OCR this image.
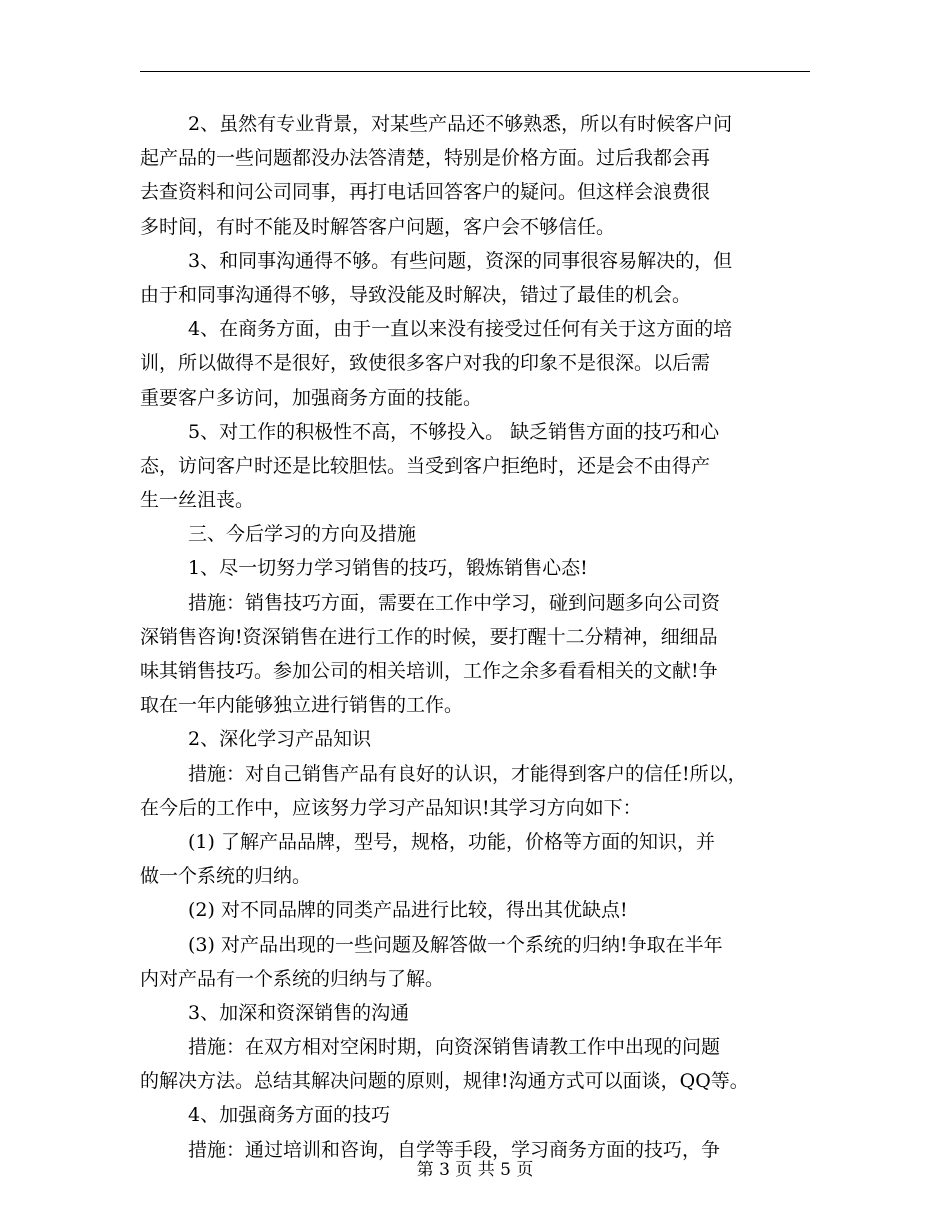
2、虽然有专业背景，对某些产品还不够熟悉，所以有时候客户问
起产品的一些问题都没办法答清楚，特别是价格方面。过后我都会再
去查资料和问公司同事，再打电话回答客户的疑问。但这样会浪费很
多时间，有时不能及时解答客户问题，客户会不够信任。
3、和同事沟通得不够。有些问题，资深的同事很容易解决的，但
由于和同事沟通得不够，导致没能及时解决，错过了最佳的机会。
4、在商务方面，由于一直以来没有接受过任何有关于这方面的培
训，所以做得不是很好，致使很多客户对我的印象不是很深。以后需
重要客户多访问，加强商务方面的技能。
5、对工作的积极性不高，不够投入。 缺乏销售方面的技巧和心
态，访问客户时还是比较胆怯。当受到客户拒绝时，还是会不由得产
生一丝沮丧。
三、今后学习的方向及措施
1、尽一切努力学习销售的技巧，锻炼销售心态!
措施：销售技巧方面，需要在工作中学习，碰到问题多向公司资
深销售咨询!资深销售在进行工作的时候，要打醒十二分精神，细细品
味其销售技巧。参加公司的相关培训，工作之余多看看相关的文献!争
取在一年内能够独立进行销售的工作。
2、深化学习产品知识
措施：对自己销售产品有良好的认识，才能得到客户的信任!所以，
在今后的工作中，应该努力学习产品知识!其学习方向如下：
(1) 了解产品品牌，型号，规格，功能，价格等方面的知识，并
做一个系统的归纳。
(2) 对不同品牌的同类产品进行比较，得出其优缺点!
(3) 对产品出现的一些问题及解答做一个系统的归纳!争取在半年
内对产品有一个系统的归纳与了解。
3、加深和资深销售的沟通
措施：在双方相对空闲时期，向资深销售请教工作中出现的问题
的解决方法。总结其解决问题的原则，规律!沟通方式可以面谈，QQ等。
4、加强商务方面的技巧
措施：通过培训和咨询，自学等手段，学习商务方面的技巧，争
第 3 页 共 5 页
